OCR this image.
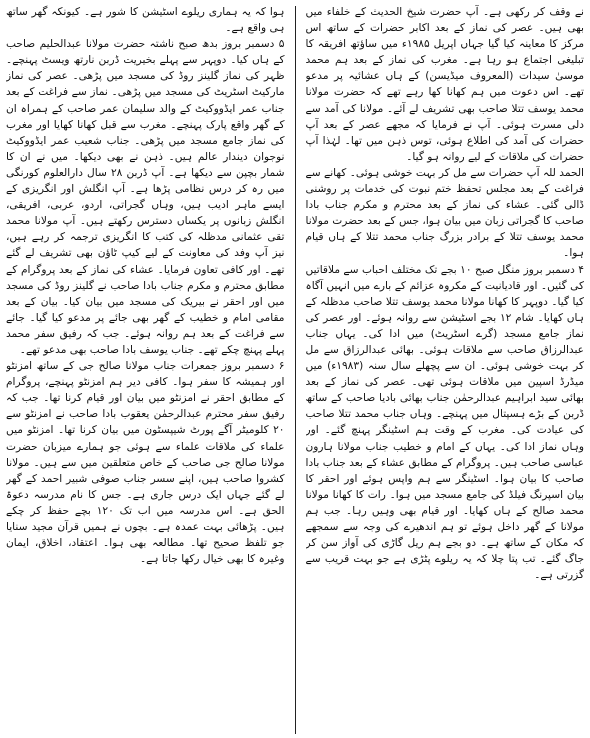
نے وقف کر رکھی ہے۔ آپ حضرت شیخ الحدیث کے خلفاء میں بھی ہیں۔ عصر کی نماز کے بعد اکابر حضرات کے ساتھ اس مرکز کا معاینہ کیا گیا جہاں اپریل ۱۹۸۵ء میں ساؤتھ افریقہ کا تبلیغی اجتماع ہو رہا ہے۔ مغرب کی نماز کے بعد ہم محمد موسیٰ سیدات (المعروف میڈیسن) کے ہاں عشائیہ پر مدعو تھے۔ اس دعوت میں ہم کھانا کھا رہے تھے کہ حضرت مولانا محمد یوسف تتلا صاحب بھی تشریف لے آئے۔ مولانا کی آمد سے دلی مسرت ہوئی۔ آپ نے فرمایا کہ مجھے عصر کے بعد آپ حضرات کی آمد کی اطلاع ہوئی، توس ذہن میں تھا۔ لہٰذا آپ حضرات کی ملاقات کے لیے روانہ ہو گیا۔

الحمد للہ آپ حضرات سے مل کر بہت خوشی ہوئی۔ کھانے سے فراغت کے بعد مجلس تحفظ ختم نبوت کی خدمات پر روشنی ڈالی گئی۔ عشاء کی نماز کے بعد محترم و مکرم جناب بادا صاحب کا گجراتی زبان میں بیان ہوا، جس کے بعد حضرت مولانا محمد یوسف تتلا کے برادر بزرگ جناب محمد تتلا کے ہاں قیام ہوا۔

۴ دسمبر بروز منگل صبح ۱۰ بجے تک مختلف احباب سے ملاقاتیں کی گئیں۔ اور قادیانیت کے مکروہ عزائم کے بارے میں انہیں آگاہ کیا گیا۔ دوپہر کا کھانا مولانا محمد یوسف تتلا صاحب مدظلہ کے ہاں کھایا۔ شام ۱۲ بجے اسٹیشن سے روانہ ہوئے۔ اور عصر کی نماز جامع مسجد (گرے اسٹریٹ) میں ادا کی۔ یہاں جناب عبدالرزاق صاحب سے ملاقات ہوئی۔ بھائی عبدالرزاق سے مل کر بہت خوشی ہوئی۔ ان سے پچھلے سال سنہ (۱۹۸۳ء) میں میڈرڈ اسپین میں ملاقات ہوئی تھی۔ عصر کی نماز کے بعد بھائی سید ابراہیم عبدالرحمٰن جناب بھائی بادیا صاحب کے ساتھ ڈربن کے بڑے ہسپتال میں پہنچے۔ وہاں جناب محمد تتلا صاحب کی عیادت کی۔ مغرب کے وقت ہم اسٹینگر پہنچ گئے۔ اور وہاں نماز ادا کی۔ یہاں کے امام و خطیب جناب مولانا ہارون عباسی صاحب ہیں۔ پروگرام کے مطابق عشاء کے بعد جناب بادا صاحب کا بیان ہوا۔ اسٹینگر سے ہم واپس ہوئے اور احقر کا بیان اسپرنگ فیلڈ کی جامع مسجد میں ہوا۔ رات کا کھانا مولانا محمد صالح کے ہاں کھایا۔ اور قیام بھی وہیں رہا۔ جب ہم مولانا کے گھر داخل ہوئے تو ہم اندھیرے کی وجہ سے سمجھے کہ مکان کے ساتھ ہے۔ دو بجے ہم ریل گاڑی کی آواز سن کر جاگ گئے۔ تب پتا چلا کہ یہ ریلوے پٹڑی ہے جو بہت قریب سے گزرتی ہے۔

ہوا کہ یہ ہماری ریلوے اسٹیشن کا شور ہے۔ کیونکہ گھر ساتھ ہی واقع ہے۔

۵ دسمبر بروز بدھ صبح ناشتہ حضرت مولانا عبدالحلیم صاحب کے ہاں کیا۔ دوپہر سے پہلے بخیریت ڈربن نارتھ ویسٹ پہنچے۔ ظہر کی نماز گلینز روڈ کی مسجد میں پڑھی۔ عصر کی نماز مارکیٹ اسٹریٹ کی مسجد میں پڑھی۔ نماز سے فراغت کے بعد جناب عمر ایڈووکیٹ کے والد سلیمان عمر صاحب کے ہمراہ ان کے گھر واقع پارک پہنچے۔ مغرب سے قبل کھانا کھایا اور مغرب کی نماز جامع مسجد میں پڑھی۔ جناب شعیب عمر ایڈووکیٹ نوجوان دیندار عالم ہیں۔ ذہن نے بھی دیکھا۔ میں نے ان کا شمار بچپن سے دیکھا ہے۔ آپ ڈربن ۲۸ سال دارالعلوم کورنگی میں رہ کر درس نظامی پڑھا ہے۔ آپ انگلش اور انگریزی کے ایسے ماہر ادیب ہیں، وہاں گجراتی، اردو، عربی، افریقی، انگلش زبانوں پر یکساں دسترس رکھتے ہیں۔ آپ مولانا محمد تقی عثمانی مدظلہ کی کتب کا انگریزی ترجمہ کر رہے ہیں، نیز آپ وفد کی معاونت کے لیے کیپ ٹاؤن بھی تشریف لے گئے تھے۔ اور کافی تعاون فرمایا۔ عشاء کی نماز کے بعد پروگرام کے مطابق محترم و مکرم جناب بادا صاحب نے گلینز روڈ کی مسجد میں اور احقر نے بیریک کی مسجد میں بیان کیا۔ بیان کے بعد مقامی امام و خطیب کے گھر بھی جائے پر مدعو کیا گیا۔ جائے سے فراغت کے بعد ہم روانہ ہوئے۔ جب کہ رفیق سفر محمد پہلے پہنچ چکے تھے۔ جناب یوسف بادا صاحب بھی مدعو تھے۔

۶ دسمبر بروز جمعرات جناب مولانا صالح جی کے ساتھ امزنٹو اور ہمیشہ کا سفر ہوا۔ کافی دیر ہم امزنٹو پہنچے، پروگرام کے مطابق احقر نے امزنٹو میں بیان اور قیام کرنا تھا۔ جب کہ رفیق سفر محترم عبدالرحمٰن یعقوب بادا صاحب نے امزنٹو سے ۲۰ کلومیٹر آگے پورٹ شیپسٹون میں بیان کرنا تھا۔ امزنٹو میں علماء کی ملاقات علماء سے ہوئی جو ہمارے میزبان حضرت مولانا صالح جی صاحب کے خاص متعلقین میں سے ہیں۔ مولانا کشروا صاحب ہیں، اپنے سسر جناب صوفی شبیر احمد کے گھر لے گئے جہاں ایک درس جاری ہے۔ جس کا نام مدرسہ دعوۃ الحق ہے۔ اس مدرسہ میں اب تک ۱۲۰ بچے حفظ کر چکے ہیں۔ پڑھائی بہت عمدہ ہے۔ بچوں نے ہمیں قرآن مجید سنایا جو تلفظ صحیح تھا۔ مطالعہ بھی ہوا۔ اعتقاد، اخلاق، ایمان وغیرہ کا بھی خیال رکھا جاتا ہے۔
